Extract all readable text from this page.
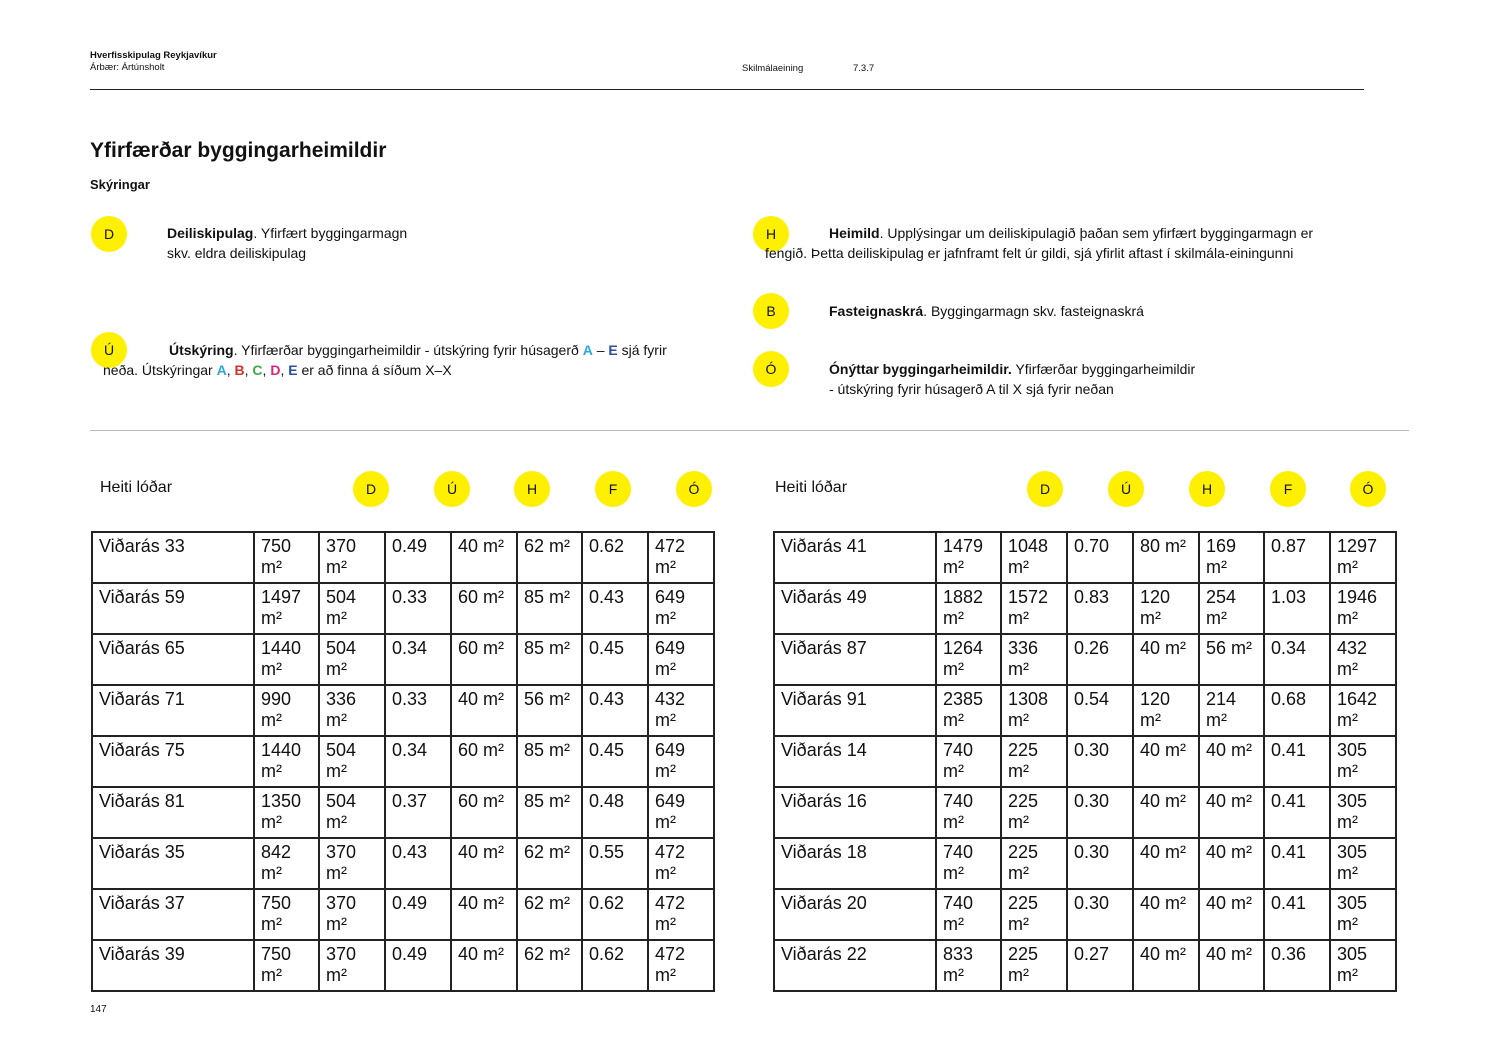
Hverfisskipulag Reykjavíkur
Árbær: Ártúnsholt	Skilmálaeining	7.3.7
Yfirfærðar byggingarheimildir
Skýringar
D	Deiliskipulag. Yfirfært byggingarmagn
skv. eldra deiliskipulag
Ú	Útskýring. Yfirfærðar byggingarheimildir - útskýring fyrir húsagerð A – E sjá fyrir neða. Útskýringar A, B, C, D, E er að finna á síðum X–X
H	Heimild. Upplýsingar um deiliskipulagið þaðan sem yfirfært byggingarmagn er fengið. Þetta deiliskipulag er jafnframt felt úr gildi, sjá yfirlit aftast í skilmála-einingunni
B	Fasteignaskrá. Byggingarmagn skv. fasteignaskrá
Ó	Ónýttar byggingarheimildir. Yfirfærðar byggingarheimildir
- útskýring fyrir húsagerð A til X sjá fyrir neðan
Heiti lóðar	D	Ú	H	F	Ó	Heiti lóðar	D	Ú	H	F	Ó
Viðarás 33	750 m²	370 m²	0.49	40 m²	62 m²	0.62	472 m²
Viðarás 59	1497 m²	504 m²	0.33	60 m²	85 m²	0.43	649 m²
Viðarás 65	1440 m²	504 m²	0.34	60 m²	85 m²	0.45	649 m²
Viðarás 71	990 m²	336 m²	0.33	40 m²	56 m²	0.43	432 m²
Viðarás 75	1440 m²	504 m²	0.34	60 m²	85 m²	0.45	649 m²
Viðarás 81	1350 m²	504 m²	0.37	60 m²	85 m²	0.48	649 m²
Viðarás 35	842 m²	370 m²	0.43	40 m²	62 m²	0.55	472 m²
Viðarás 37	750 m²	370 m²	0.49	40 m²	62 m²	0.62	472 m²
Viðarás 39	750 m²	370 m²	0.49	40 m²	62 m²	0.62	472 m²
Viðarás 41	1479 m²	1048 m²	0.70	80 m²	169 m²	0.87	1297 m²
Viðarás 49	1882 m²	1572 m²	0.83	120 m²	254 m²	1.03	1946 m²
Viðarás 87	1264 m²	336 m²	0.26	40 m²	56 m²	0.34	432 m²
Viðarás 91	2385 m²	1308 m²	0.54	120 m²	214 m²	0.68	1642 m²
Viðarás 14	740 m²	225 m²	0.30	40 m²	40 m²	0.41	305 m²
Viðarás 16	740 m²	225 m²	0.30	40 m²	40 m²	0.41	305 m²
Viðarás 18	740 m²	225 m²	0.30	40 m²	40 m²	0.41	305 m²
Viðarás 20	740 m²	225 m²	0.30	40 m²	40 m²	0.41	305 m²
Viðarás 22	833 m²	225 m²	0.27	40 m²	40 m²	0.36	305 m²
147
